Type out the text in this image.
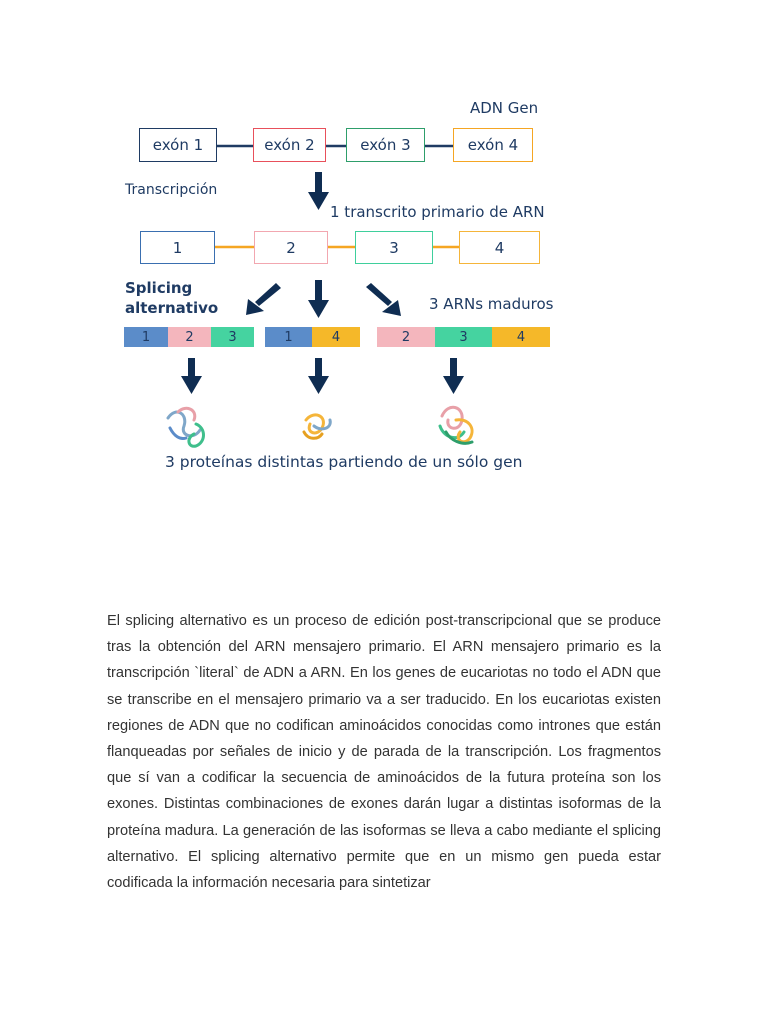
ADN Gen
exón 1	exón 2	exón 3	exón 4
Transcripción
1 transcrito primario de ARN
1	2	3	4
Splicing
alternativo	3 ARNs maduros
1	2	3	1	4	2	3	4
3 proteínas distintas partiendo de un sólo gen

El splicing alternativo es un proceso de edición post-transcripcional que se produce tras la obtención del ARN mensajero primario. El ARN mensajero primario es la transcripción `literal` de ADN a ARN. En los genes de eucariotas no todo el ADN que se transcribe en el mensajero primario va a ser traducido. En los eucariotas existen regiones de ADN que no codifican aminoácidos conocidas como intrones que están flanqueadas por señales de inicio y de parada de la transcripción. Los fragmentos que sí van a codificar la secuencia de aminoácidos de la futura proteína son los exones. Distintas combinaciones de exones darán lugar a distintas isoformas de la proteína madura. La generación de las isoformas se lleva a cabo mediante el splicing alternativo. El splicing alternativo permite que en un mismo gen pueda estar codificada la información necesaria para sintetizar
